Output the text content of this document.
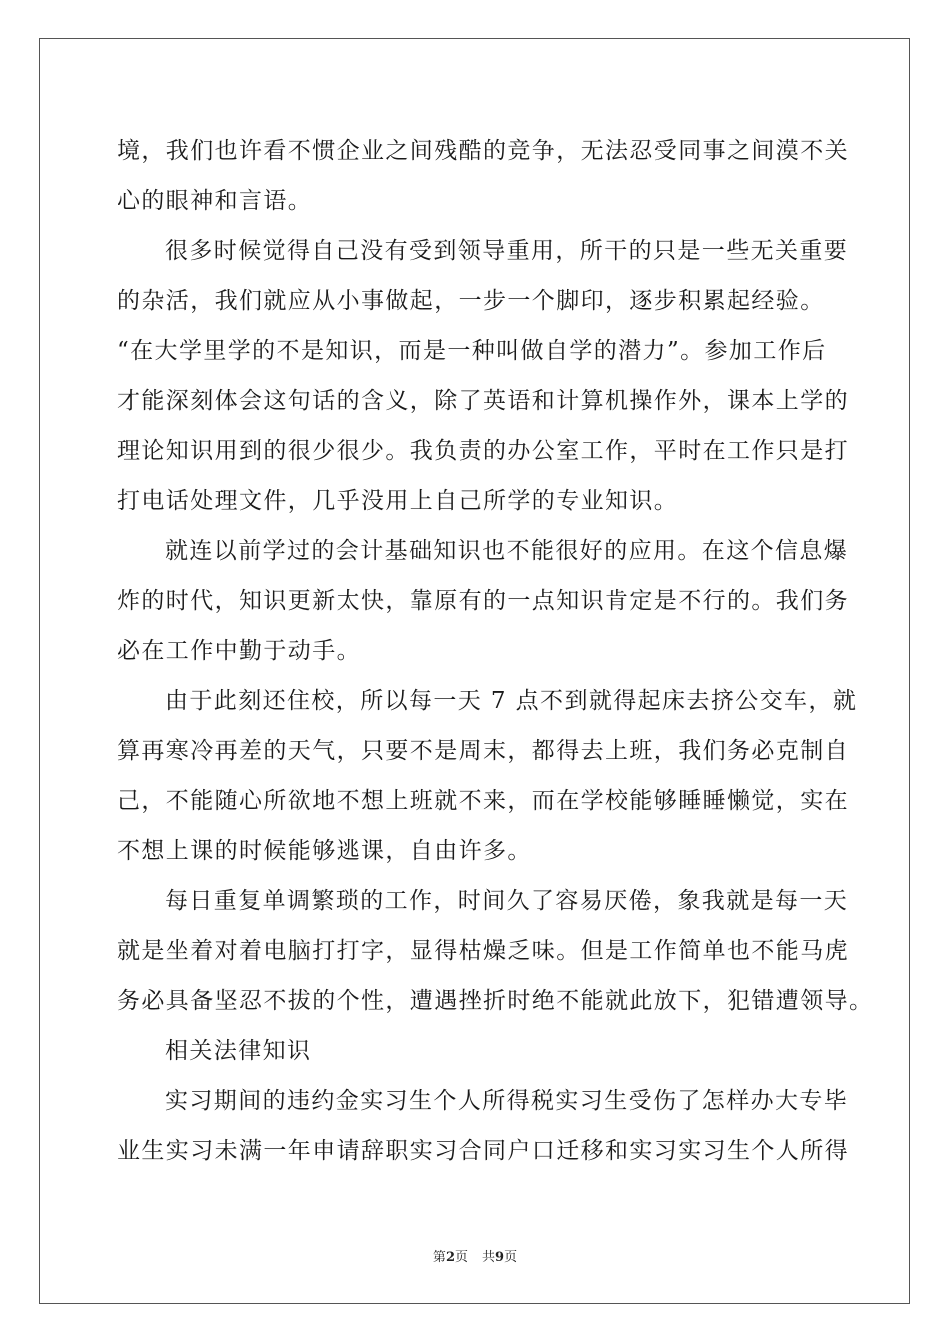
境，我们也许看不惯企业之间残酷的竞争，无法忍受同事之间漠不关
心的眼神和言语。
很多时候觉得自己没有受到领导重用，所干的只是一些无关重要
的杂活，我们就应从小事做起，一步一个脚印，逐步积累起经验。
“在大学里学的不是知识，而是一种叫做自学的潜力”。参加工作后
才能深刻体会这句话的含义，除了英语和计算机操作外，课本上学的
理论知识用到的很少很少。我负责的办公室工作，平时在工作只是打
打电话处理文件，几乎没用上自己所学的专业知识。
就连以前学过的会计基础知识也不能很好的应用。在这个信息爆
炸的时代，知识更新太快，靠原有的一点知识肯定是不行的。我们务
必在工作中勤于动手。
由于此刻还住校，所以每一天 7 点不到就得起床去挤公交车，就
算再寒冷再差的天气，只要不是周末，都得去上班，我们务必克制自
己，不能随心所欲地不想上班就不来，而在学校能够睡睡懒觉，实在
不想上课的时候能够逃课，自由许多。
每日重复单调繁琐的工作，时间久了容易厌倦，象我就是每一天
就是坐着对着电脑打打字，显得枯燥乏味。但是工作简单也不能马虎
务必具备坚忍不拔的个性，遭遇挫折时绝不能就此放下，犯错遭领导。
相关法律知识
实习期间的违约金实习生个人所得税实习生受伤了怎样办大专毕
业生实习未满一年申请辞职实习合同户口迁移和实习实习生个人所得
第2页 共9页
